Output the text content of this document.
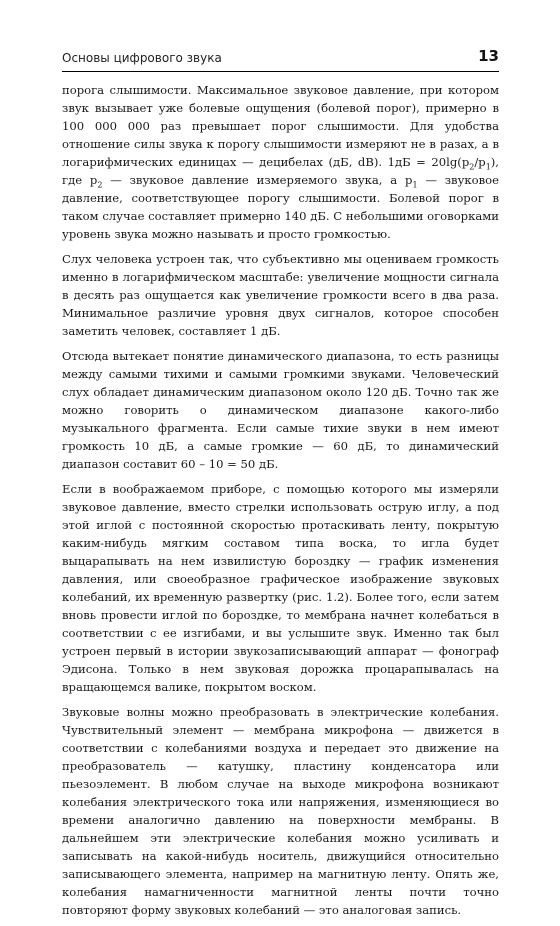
Основы цифрового звука	13

порога слышимости. Максимальное звуковое давление, при котором звук вызывает уже болевые ощущения (болевой порог), примерно в 100 000 000 раз превышает порог слышимости. Для удобства отношение силы звука к порогу слышимости измеряют не в разах, а в логарифмических единицах — децибелах (дБ, dB). $1дБ = 20\lg(p_2/p_1)$, где $p_2$ — звуковое давление измеряемого звука, а $p_1$ — звуковое давление, соответствующее порогу слышимости. Болевой порог в таком случае составляет примерно 140 дБ. С небольшими оговорками уровень звука можно называть и просто громкостью.

Слух человека устроен так, что субъективно мы оцениваем громкость именно в логарифмическом масштабе: увеличение мощности сигнала в десять раз ощущается как увеличение громкости всего в два раза. Минимальное различие уровня двух сигналов, которое способен заметить человек, составляет 1 дБ.

Отсюда вытекает понятие динамического диапазона, то есть разницы между самыми тихими и самыми громкими звуками. Человеческий слух обладает динамическим диапазоном около 120 дБ. Точно так же можно говорить о динамическом диапазоне какого-либо музыкального фрагмента. Если самые тихие звуки в нем имеют громкость 10 дБ, а самые громкие — 60 дБ, то динамический диапазон составит 60 – 10 = 50 дБ.

Если в воображаемом приборе, с помощью которого мы измеряли звуковое давление, вместо стрелки использовать острую иглу, а под этой иглой с постоянной скоростью протаскивать ленту, покрытую каким-нибудь мягким составом типа воска, то игла будет выцарапывать на нем извилистую бороздку — график изменения давления, или своеобразное графическое изображение звуковых колебаний, их временную развертку (рис. 1.2). Более того, если затем вновь провести иглой по бороздке, то мембрана начнет колебаться в соответствии с ее изгибами, и вы услышите звук. Именно так был устроен первый в истории звукозаписывающий аппарат — фонограф Эдисона. Только в нем звуковая дорожка процарапывалась на вращающемся валике, покрытом воском.

Звуковые волны можно преобразовать в электрические колебания. Чувствительный элемент — мембрана микрофона — движется в соответствии с колебаниями воздуха и передает это движение на преобразователь — катушку, пластину конденсатора или пьезоэлемент. В любом случае на выходе микрофона возникают колебания электрического тока или напряжения, изменяющиеся во времени аналогично давлению на поверхности мембраны. В дальнейшем эти электрические колебания можно усиливать и записывать на какой-нибудь носитель, движущийся относительно записывающего элемента, например на магнитную ленту. Опять же, колебания намагниченности магнитной ленты почти точно повторяют форму звуковых колебаний — это аналоговая запись.
